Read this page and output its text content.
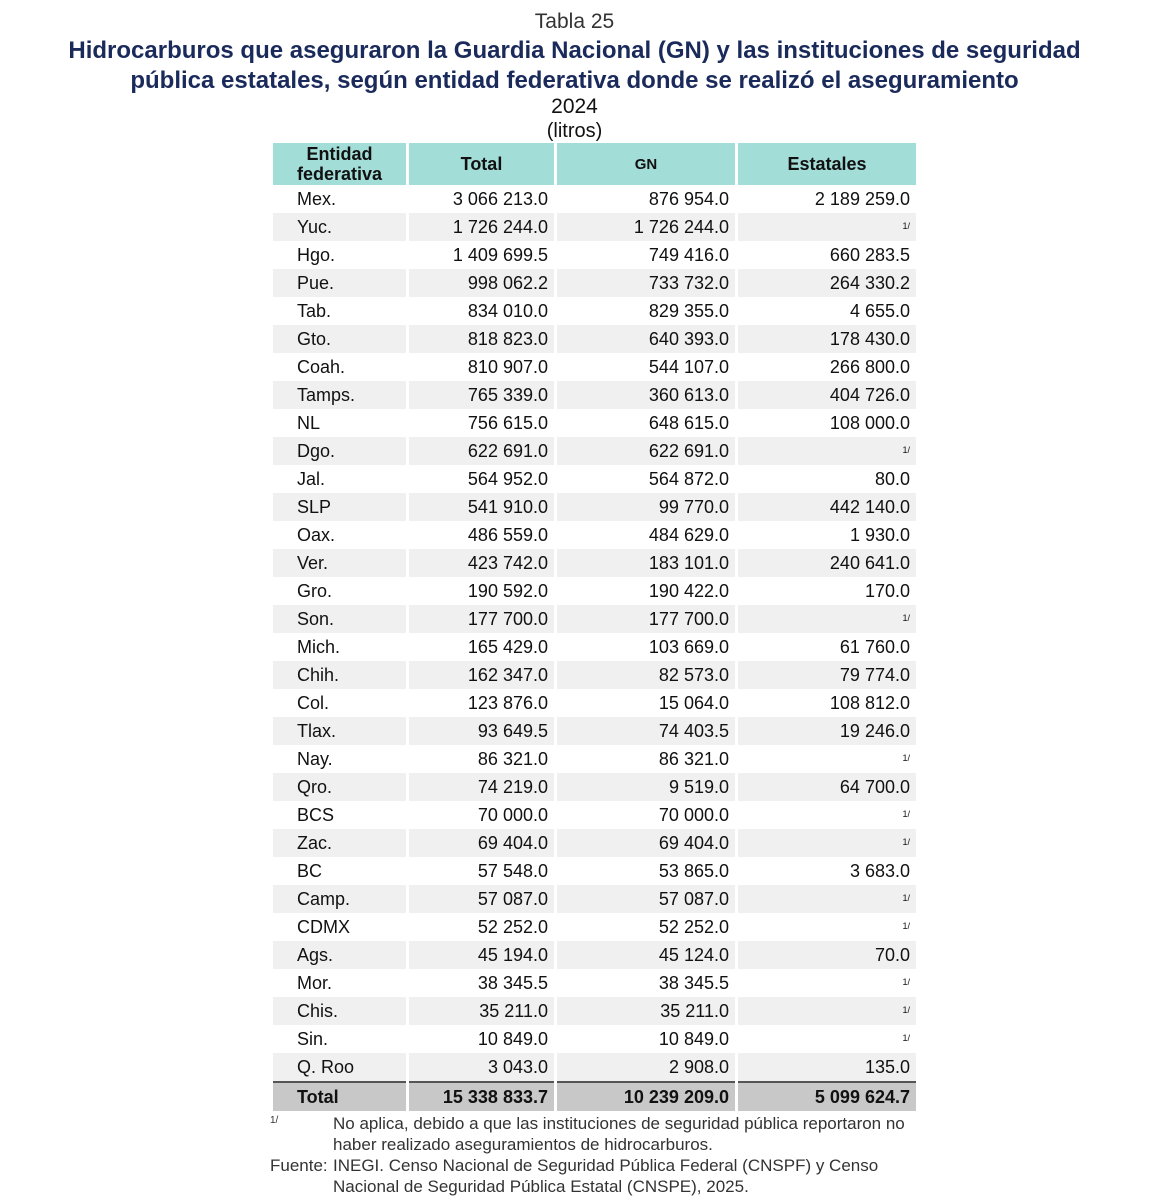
Tabla 25
Hidrocarburos que aseguraron la Guardia Nacional (GN) y las instituciones de seguridad
pública estatales, según entidad federativa donde se realizó el aseguramiento
2024
(litros)
Entidad federativa	Total	GN	Estatales
Mex.	3 066 213.0	876 954.0	2 189 259.0
Yuc.	1 726 244.0	1 726 244.0	$^{1/}$
Hgo.	1 409 699.5	749 416.0	660 283.5
Pue.	998 062.2	733 732.0	264 330.2
Tab.	834 010.0	829 355.0	4 655.0
Gto.	818 823.0	640 393.0	178 430.0
Coah.	810 907.0	544 107.0	266 800.0
Tamps.	765 339.0	360 613.0	404 726.0
NL	756 615.0	648 615.0	108 000.0
Dgo.	622 691.0	622 691.0	$^{1/}$
Jal.	564 952.0	564 872.0	80.0
SLP	541 910.0	99 770.0	442 140.0
Oax.	486 559.0	484 629.0	1 930.0
Ver.	423 742.0	183 101.0	240 641.0
Gro.	190 592.0	190 422.0	170.0
Son.	177 700.0	177 700.0	$^{1/}$
Mich.	165 429.0	103 669.0	61 760.0
Chih.	162 347.0	82 573.0	79 774.0
Col.	123 876.0	15 064.0	108 812.0
Tlax.	93 649.5	74 403.5	19 246.0
Nay.	86 321.0	86 321.0	$^{1/}$
Qro.	74 219.0	9 519.0	64 700.0
BCS	70 000.0	70 000.0	$^{1/}$
Zac.	69 404.0	69 404.0	$^{1/}$
BC	57 548.0	53 865.0	3 683.0
Camp.	57 087.0	57 087.0	$^{1/}$
CDMX	52 252.0	52 252.0	$^{1/}$
Ags.	45 194.0	45 124.0	70.0
Mor.	38 345.5	38 345.5	$^{1/}$
Chis.	35 211.0	35 211.0	$^{1/}$
Sin.	10 849.0	10 849.0	$^{1/}$
Q. Roo	3 043.0	2 908.0	135.0
Total	15 338 833.7	10 239 209.0	5 099 624.7
1/	No aplica, debido a que las instituciones de seguridad pública reportaron no haber realizado aseguramientos de hidrocarburos.
Fuente: INEGI. Censo Nacional de Seguridad Pública Federal (CNSPF) y Censo Nacional de Seguridad Pública Estatal (CNSPE), 2025.
